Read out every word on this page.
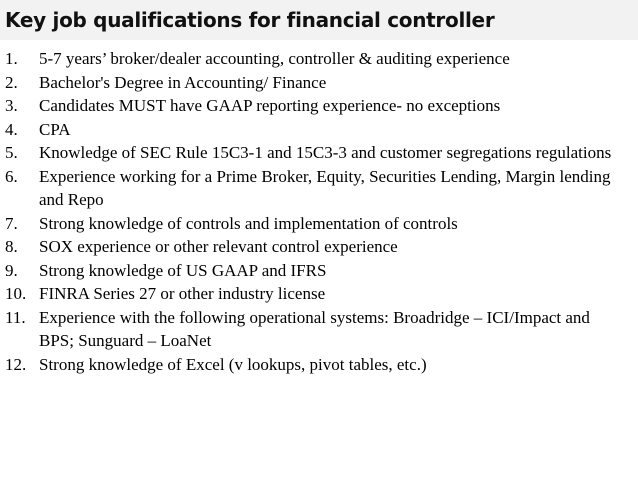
Key job qualifications for financial controller
1.	5-7 years’ broker/dealer accounting, controller & auditing experience
2.	Bachelor's Degree in Accounting/ Finance
3.	Candidates MUST have GAAP reporting experience- no exceptions
4.	CPA
5.	Knowledge of SEC Rule 15C3-1 and 15C3-3 and customer segregations regulations
6.	Experience working for a Prime Broker, Equity, Securities Lending, Margin lending and Repo
7.	Strong knowledge of controls and implementation of controls
8.	SOX experience or other relevant control experience
9.	Strong knowledge of US GAAP and IFRS
10. FINRA Series 27 or other industry license
11. Experience with the following operational systems: Broadridge – ICI/Impact and BPS; Sunguard – LoaNet
12. Strong knowledge of Excel (v lookups, pivot tables, etc.)
